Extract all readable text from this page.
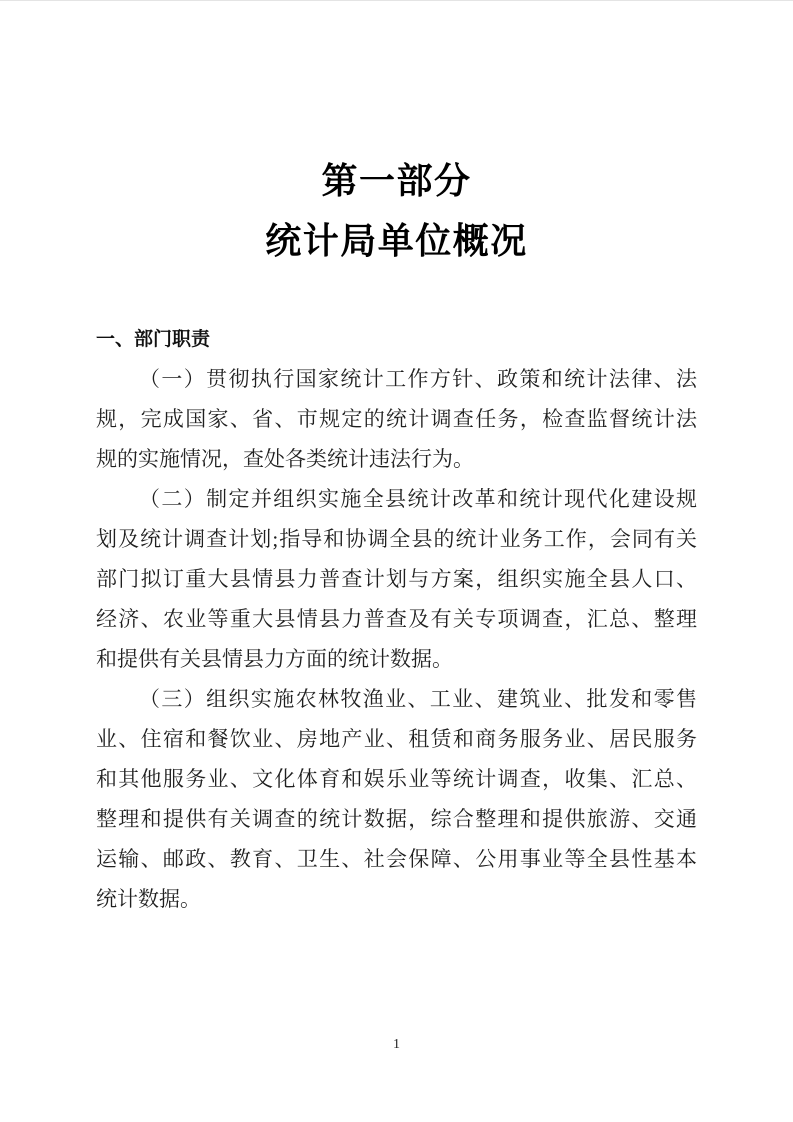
第一部分
统计局单位概况
一、部门职责
（一）贯彻执行国家统计工作方针、政策和统计法律、法
规，完成国家、省、市规定的统计调查任务，检查监督统计法
规的实施情况，查处各类统计违法行为。
（二）制定并组织实施全县统计改革和统计现代化建设规
划及统计调查计划;指导和协调全县的统计业务工作，会同有关
部门拟订重大县情县力普查计划与方案，组织实施全县人口、
经济、农业等重大县情县力普查及有关专项调查，汇总、整理
和提供有关县情县力方面的统计数据。
（三）组织实施农林牧渔业、工业、建筑业、批发和零售
业、住宿和餐饮业、房地产业、租赁和商务服务业、居民服务
和其他服务业、文化体育和娱乐业等统计调查，收集、汇总、
整理和提供有关调查的统计数据，综合整理和提供旅游、交通
运输、邮政、教育、卫生、社会保障、公用事业等全县性基本
统计数据。
1
